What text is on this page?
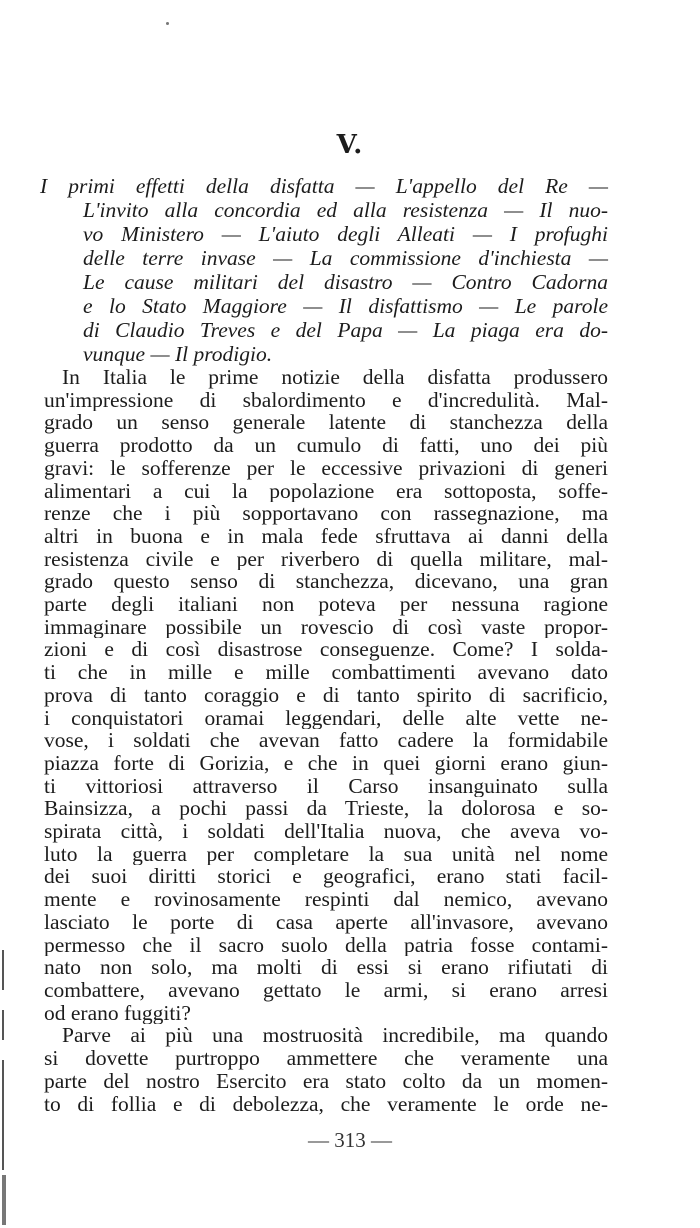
V.
I primi effetti della disfatta — L'appello del Re —
L'invito alla concordia ed alla resistenza — Il nuo-
vo Ministero — L'aiuto degli Alleati — I profughi
delle terre invase — La commissione d'inchiesta —
Le cause militari del disastro — Contro Cadorna
e lo Stato Maggiore — Il disfattismo — Le parole
di Claudio Treves e del Papa — La piaga era do-
vunque — Il prodigio.
In Italia le prime notizie della disfatta produssero
un'impressione di sbalordimento e d'incredulità. Mal-
grado un senso generale latente di stanchezza della
guerra prodotto da un cumulo di fatti, uno dei più
gravi: le sofferenze per le eccessive privazioni di generi
alimentari a cui la popolazione era sottoposta, soffe-
renze che i più sopportavano con rassegnazione, ma
altri in buona e in mala fede sfruttava ai danni della
resistenza civile e per riverbero di quella militare, mal-
grado questo senso di stanchezza, dicevano, una gran
parte degli italiani non poteva per nessuna ragione
immaginare possibile un rovescio di così vaste propor-
zioni e di così disastrose conseguenze. Come? I solda-
ti che in mille e mille combattimenti avevano dato
prova di tanto coraggio e di tanto spirito di sacrificio,
i conquistatori oramai leggendari, delle alte vette ne-
vose, i soldati che avevan fatto cadere la formidabile
piazza forte di Gorizia, e che in quei giorni erano giun-
ti vittoriosi attraverso il Carso insanguinato sulla
Bainsizza, a pochi passi da Trieste, la dolorosa e so-
spirata città, i soldati dell'Italia nuova, che aveva vo-
luto la guerra per completare la sua unità nel nome
dei suoi diritti storici e geografici, erano stati facil-
mente e rovinosamente respinti dal nemico, avevano
lasciato le porte di casa aperte all'invasore, avevano
permesso che il sacro suolo della patria fosse contami-
nato non solo, ma molti di essi si erano rifiutati di
combattere, avevano gettato le armi, si erano arresi
od erano fuggiti?
Parve ai più una mostruosità incredibile, ma quando
si dovette purtroppo ammettere che veramente una
parte del nostro Esercito era stato colto da un momen-
to di follia e di debolezza, che veramente le orde ne-
— 313 —
